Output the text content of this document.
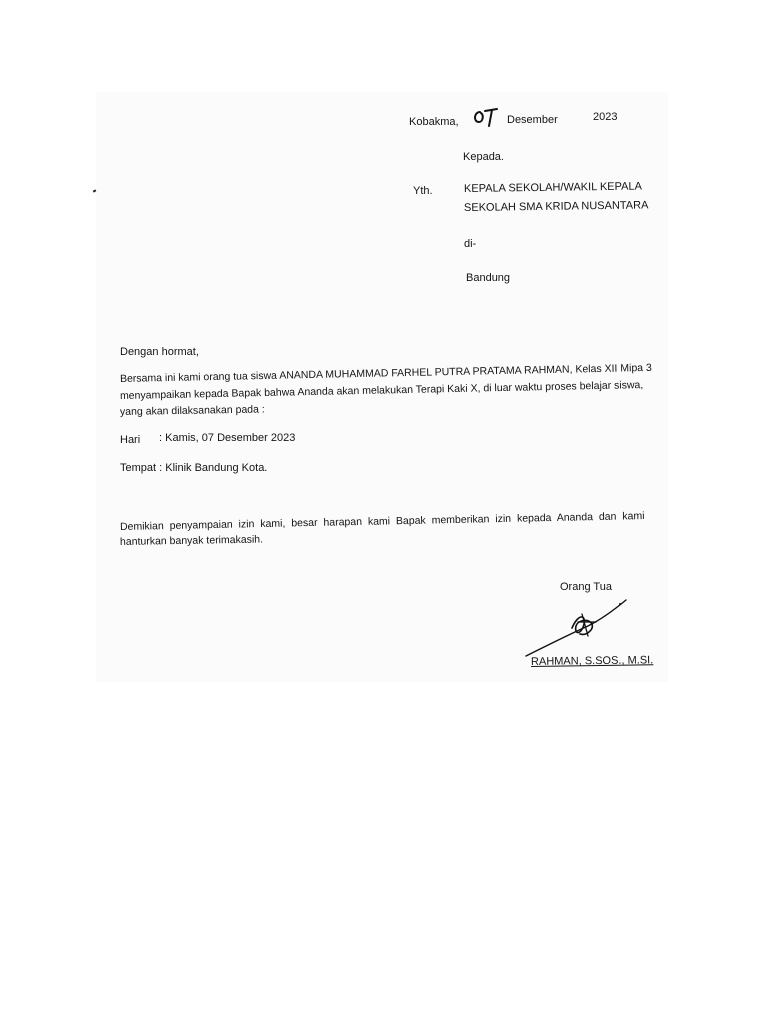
Kobakma,	Desember	2023
Kepada.
Yth.	KEPALA SEKOLAH/WAKIL KEPALA
SEKOLAH SMA KRIDA NUSANTARA
di-
Bandung
Dengan hormat,
Bersama ini kami orang tua siswa ANANDA MUHAMMAD FARHEL PUTRA PRATAMA RAHMAN, Kelas XII Mipa 3
menyampaikan kepada Bapak bahwa Ananda akan melakukan Terapi Kaki X, di luar waktu proses belajar siswa,
yang akan dilaksanakan pada :
Hari : Kamis, 07 Desember 2023
Tempat : Klinik Bandung Kota.
Demikian penyampaian izin kami, besar harapan kami Bapak memberikan izin kepada Ananda dan kami
hanturkan banyak terimakasih.
Orang Tua
RAHMAN, S.SOS., M.SI.
